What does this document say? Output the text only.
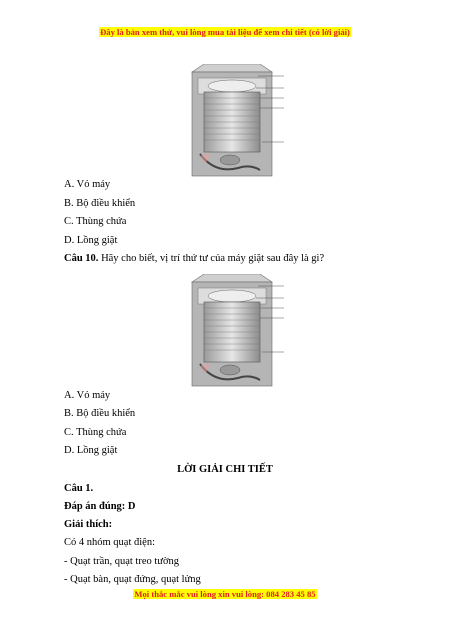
Đây là bản xem thử, vui lòng mua tài liệu để xem chi tiết (có lời giải)
♥
A. Vỏ máy
B. Bộ điều khiển
C. Thùng chứa
D. Lồng giặt
Câu 10. Hãy cho biết, vị trí thứ tư của máy giặt sau đây là gì?
♥
A. Vỏ máy
B. Bộ điều khiển
C. Thùng chứa
D. Lồng giặt
LỜI GIẢI CHI TIẾT
Câu 1.
Đáp án đúng: D
Giải thích:
Có 4 nhóm quạt điện:
- Quạt trần, quạt treo tường
- Quạt bàn, quạt đứng, quạt lửng
Mọi thắc mắc vui lòng xin vui lòng: 084 283 45 85
